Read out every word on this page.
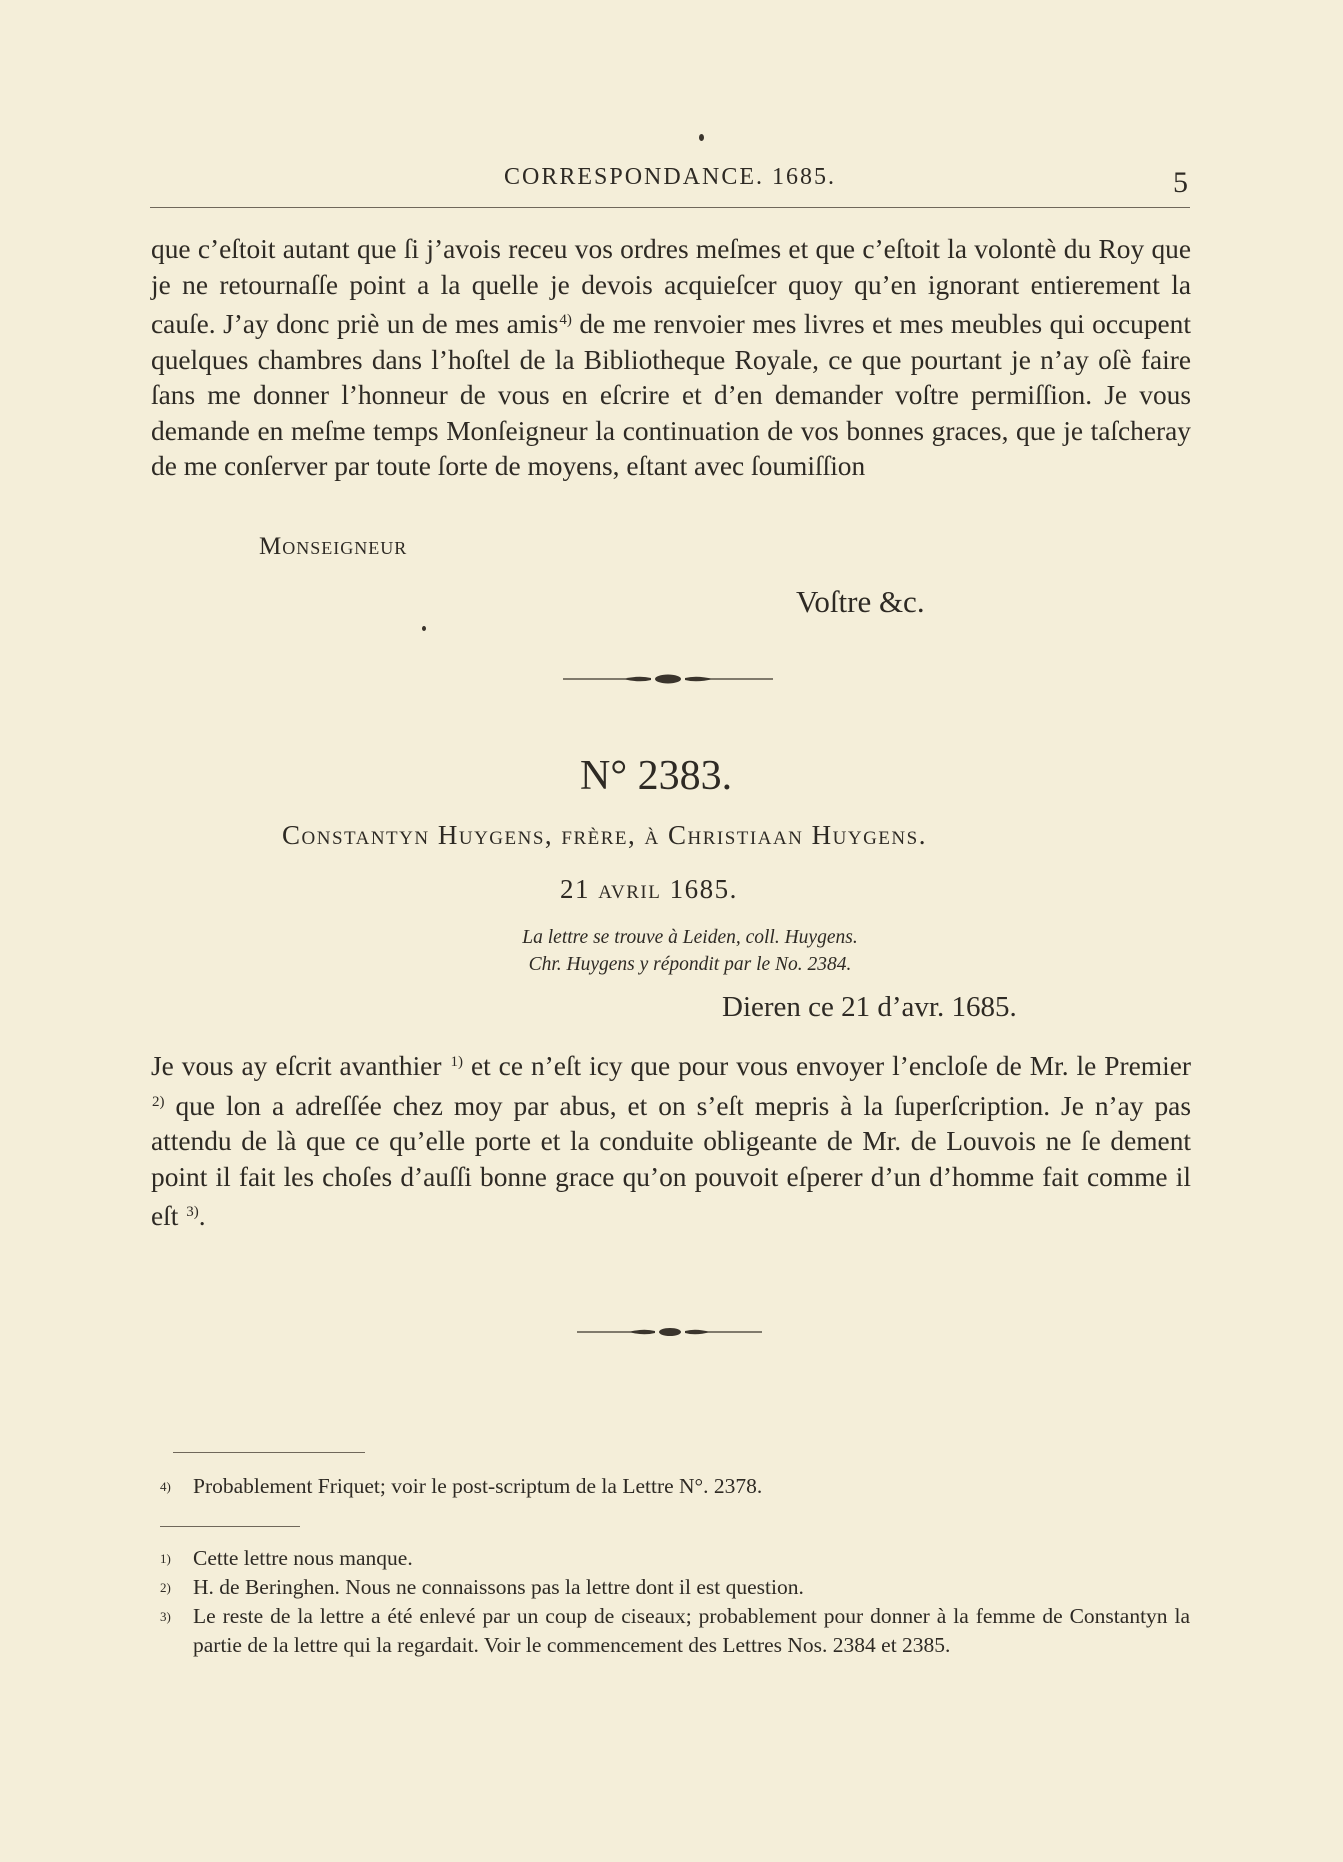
CORRESPONDANCE. 1685.	5

que c’eſtoit autant que ſi j’avois receu vos ordres meſmes et que c’eſtoit la volontè du Roy que je ne retournaſſe point a la quelle je devois acquieſcer quoy qu’en ignorant entierement la cauſe. J’ay donc priè un de mes amis$^{4)}$ de me renvoier mes livres et mes meubles qui occupent quelques chambres dans l’hoſtel de la Bibliotheque Royale, ce que pourtant je n’ay oſè faire ſans me donner l’honneur de vous en eſcrire et d’en demander voſtre permiſſion. Je vous demande en meſme temps Monſeigneur la continuation de vos bonnes graces, que je taſcheray de me conſerver par toute ſorte de moyens, eſtant avec ſoumiſſion

Monseigneur
Voſtre &c.
N° 2383.
Constantyn Huygens, frère, à Christiaan Huygens.
21 avril 1685.
La lettre se trouve à Leiden, coll. Huygens.
Chr. Huygens y répondit par le No. 2384.
Dieren ce 21 d’avr. 1685.

Je vous ay eſcrit avanthier $^{1)}$ et ce n’eſt icy que pour vous envoyer l’encloſe de Mr. le Premier $^{2)}$ que lon a adreſſée chez moy par abus, et on s’eſt mepris à la ſuperſcription. Je n’ay pas attendu de là que ce qu’elle porte et la conduite obligeante de Mr. de Louvois ne ſe dement point il fait les choſes d’auſſi bonne grace qu’on pouvoit eſperer d’un d’homme fait comme il eſt $^{3)}$.

$^{4)}$	Probablement Friquet; voir le post-scriptum de la Lettre N°. 2378.
$^{1)}$	Cette lettre nous manque.
$^{2)}$	H. de Beringhen. Nous ne connaissons pas la lettre dont il est question.
$^{3)}$	Le reste de la lettre a été enlevé par un coup de ciseaux; probablement pour donner à la femme de Constantyn la partie de la lettre qui la regardait. Voir le commencement des Lettres Nos. 2384 et 2385.
